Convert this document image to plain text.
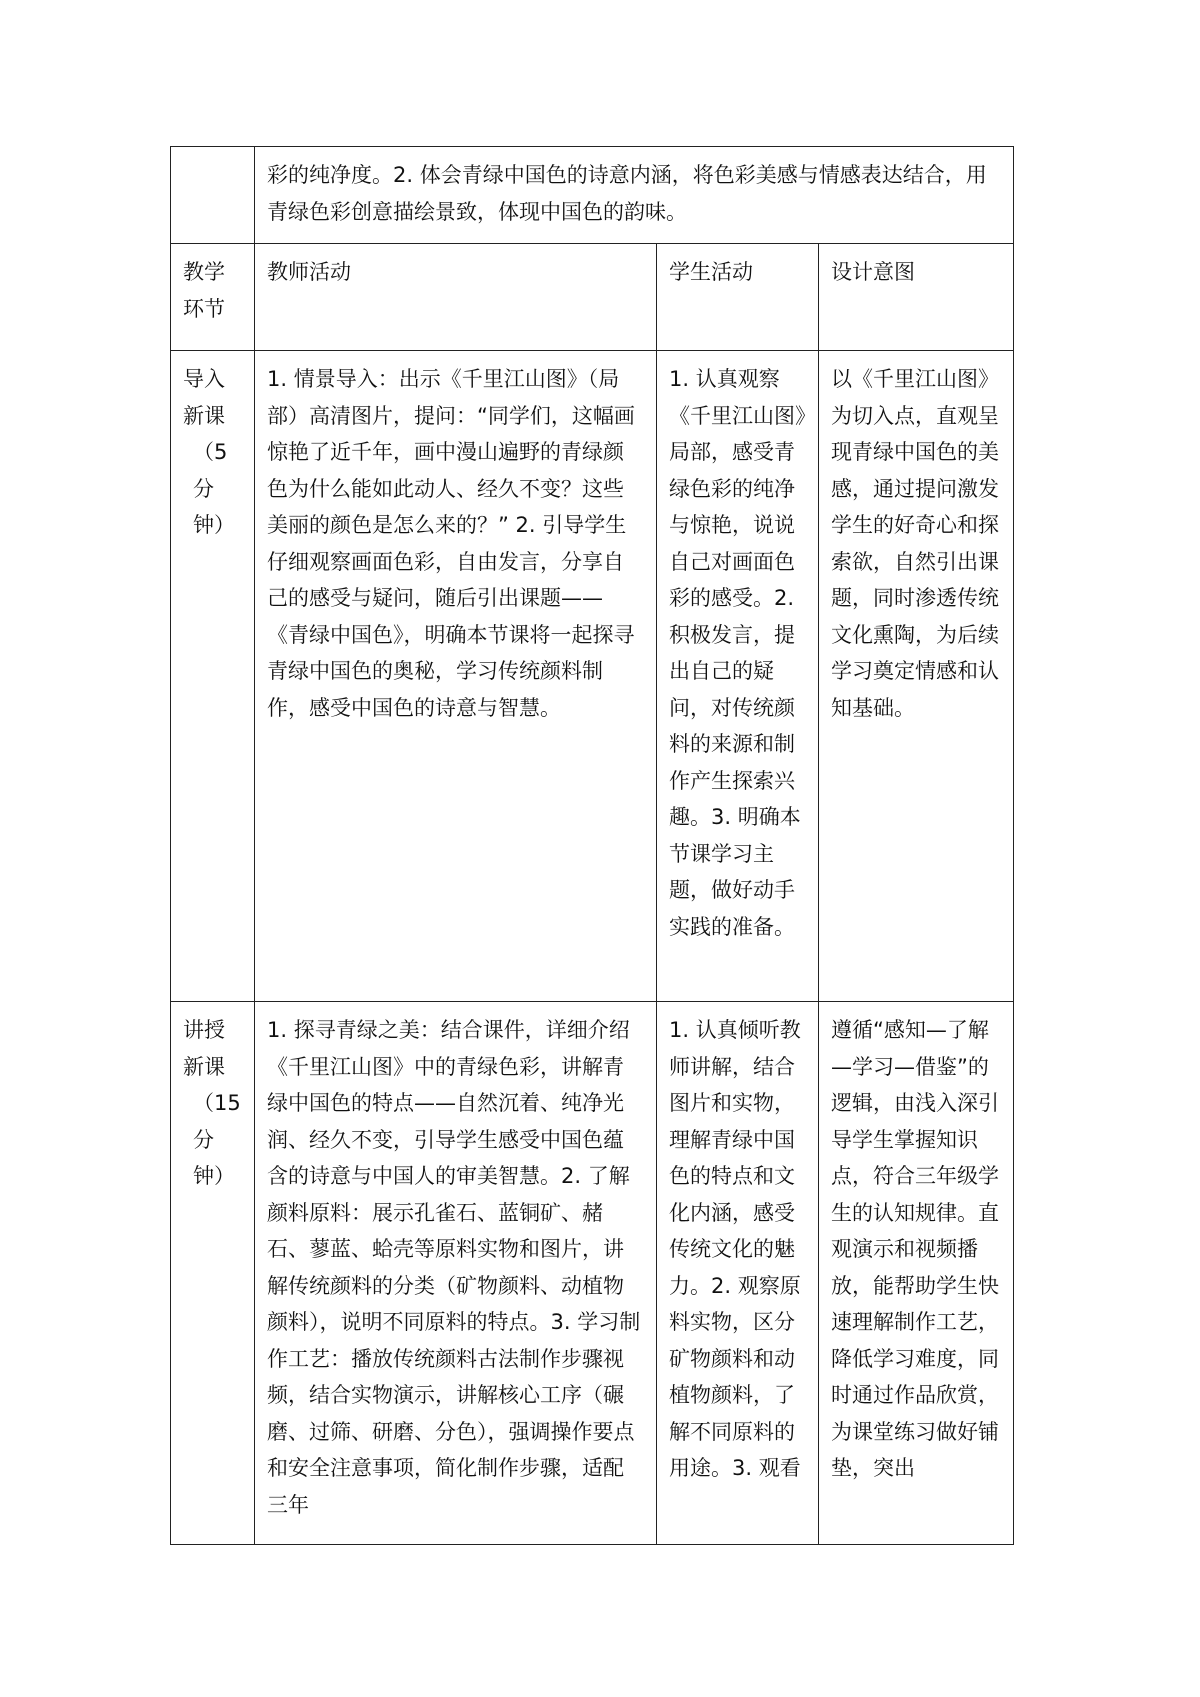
	彩的纯净度。2. 体会青绿中国色的诗意内涵，将色彩美感与情感表达结合，用青绿色彩创意描绘景致，体现中国色的韵味。		
教学环节	教师活动	学生活动	设计意图

导入新课

（5分钟）	1. 情景导入：出示《千里江山图》（局部）高清图片，提问：“同学们，这幅画惊艳了近千年，画中漫山遍野的青绿颜色为什么能如此动人、经久不变？这些美丽的颜色是怎么来的？” 2. 引导学生仔细观察画面色彩，自由发言，分享自己的感受与疑问，随后引出课题——《青绿中国色》，明确本节课将一起探寻青绿中国色的奥秘，学习传统颜料制作，感受中国色的诗意与智慧。	1. 认真观察《千里江山图》局部，感受青绿色彩的纯净与惊艳，说说自己对画面色彩的感受。2. 积极发言，提出自己的疑问，对传统颜料的来源和制作产生探索兴趣。3. 明确本节课学习主题，做好动手实践的准备。	以《千里江山图》为切入点，直观呈现青绿中国色的美感，通过提问激发学生的好奇心和探索欲，自然引出课题，同时渗透传统文化熏陶，为后续学习奠定情感和认知基础。

讲授新课

（15分钟）	1. 探寻青绿之美：结合课件，详细介绍《千里江山图》中的青绿色彩，讲解青绿中国色的特点——自然沉着、纯净光润、经久不变，引导学生感受中国色蕴含的诗意与中国人的审美智慧。2. 了解颜料原料：展示孔雀石、蓝铜矿、赭石、蓼蓝、蛤壳等原料实物和图片，讲解传统颜料的分类（矿物颜料、动植物颜料），说明不同原料的特点。3. 学习制作工艺：播放传统颜料古法制作步骤视频，结合实物演示，讲解核心工序（碾磨、过筛、研磨、分色），强调操作要点和安全注意事项，简化制作步骤，适配三年	1. 认真倾听教师讲解，结合图片和实物，理解青绿中国色的特点和文化内涵，感受传统文化的魅力。2. 观察原料实物，区分矿物颜料和动植物颜料，了解不同原料的用途。3. 观看	遵循“感知—了解—学习—借鉴”的逻辑，由浅入深引导学生掌握知识点，符合三年级学生的认知规律。直观演示和视频播放，能帮助学生快速理解制作工艺，降低学习难度，同时通过作品欣赏，为课堂练习做好铺垫，突出
